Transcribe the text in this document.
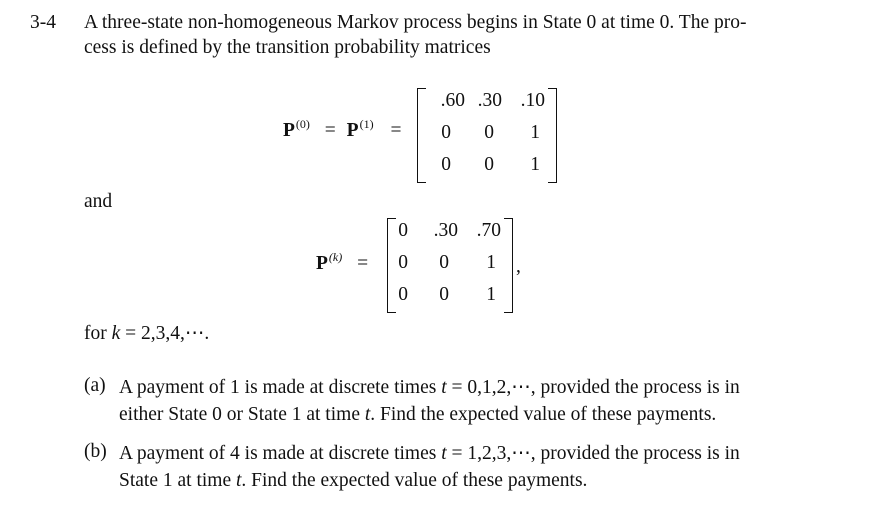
3-4 A three-state non-homogeneous Markov process begins in State 0 at time 0. The pro-
cess is defined by the transition probability matrices
$P^{(0)} = P^{(1)}$ =
.60 .30 .10
0 0 1
0 0 1
and
$P^{(k)}$ =
0 .30 .70
0 0 1
0 0 1
,
for k = 2,3,4,⋯.
(a) A payment of 1 is made at discrete times t = 0,1,2,⋯, provided the process is in
either State 0 or State 1 at time t. Find the expected value of these payments.
(b) A payment of 4 is made at discrete times t = 1,2,3,⋯, provided the process is in
State 1 at time t. Find the expected value of these payments.
